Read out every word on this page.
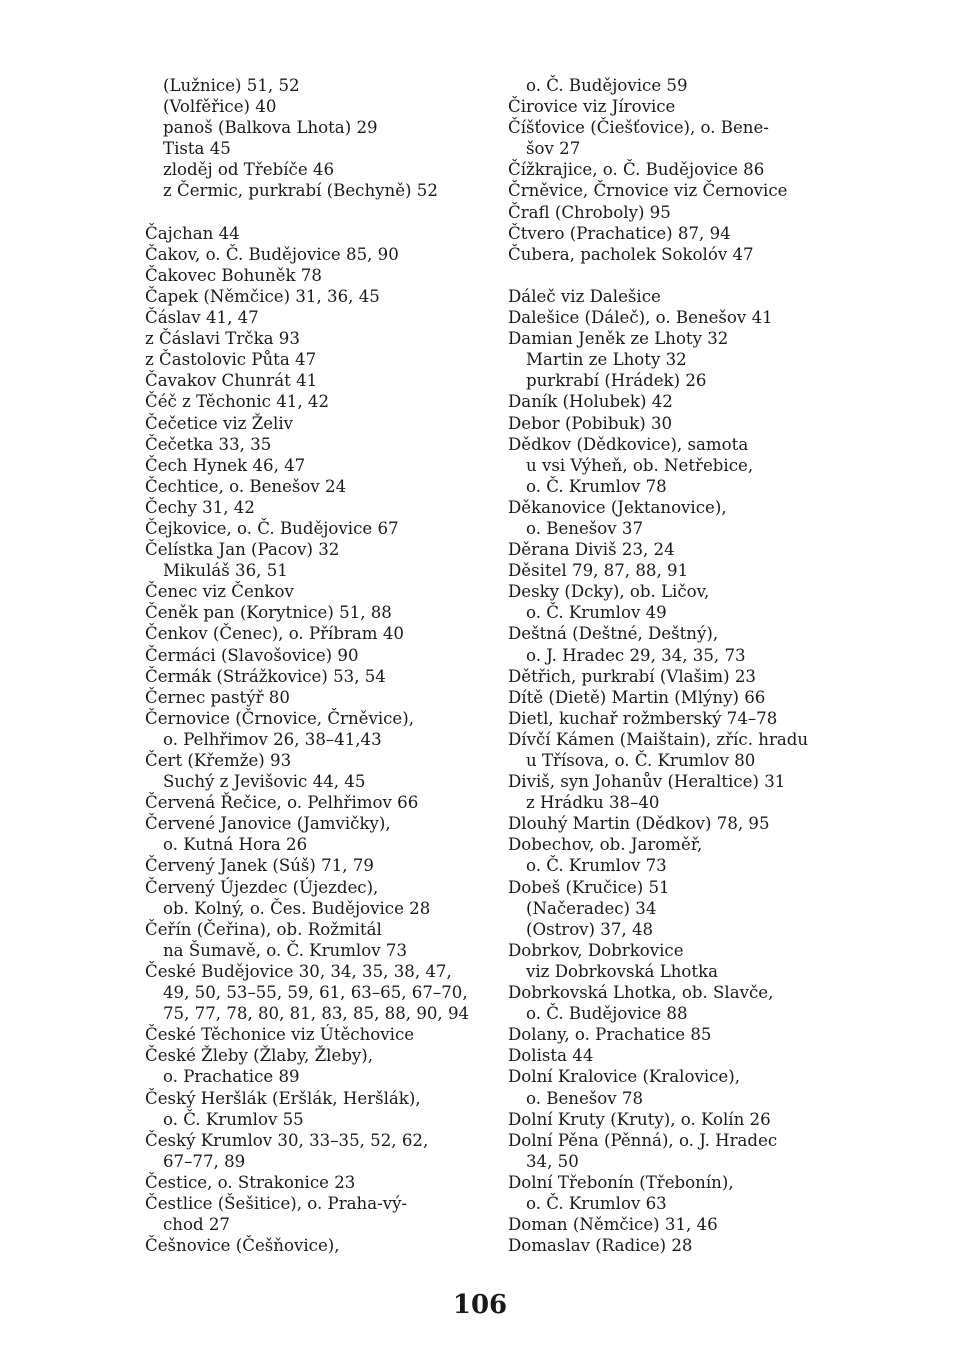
(Lužnice) 51, 52
(Volfěřice) 40
panoš (Balkova Lhota) 29
Tista 45
zloděj od Třebíče 46
z Čermic, purkrabí (Bechyně) 52
Čajchan 44
Čakov, o. Č. Budějovice 85, 90
Čakovec Bohuněk 78
Čapek (Němčice) 31, 36, 45
Čáslav 41, 47
z Čáslavi Trčka 93
z Častolovic Půta 47
Čavakov Chunrát 41
Čéč z Těchonic 41, 42
Čečetice viz Želiv
Čečetka 33, 35
Čech Hynek 46, 47
Čechtice, o. Benešov 24
Čechy 31, 42
Čejkovice, o. Č. Budějovice 67
Čelístka Jan (Pacov) 32
Mikuláš 36, 51
Čenec viz Čenkov
Čeněk pan (Korytnice) 51, 88
Čenkov (Čenec), o. Příbram 40
Čermáci (Slavošovice) 90
Čermák (Strážkovice) 53, 54
Černec pastýř 80
Černovice (Črnovice, Črněvice),
o. Pelhřimov 26, 38–41,43
Čert (Křemže) 93
Suchý z Jevišovic 44, 45
Červená Řečice, o. Pelhřimov 66
Červené Janovice (Jamvičky),
o. Kutná Hora 26
Červený Janek (Súš) 71, 79
Červený Újezdec (Újezdec),
ob. Kolný, o. Čes. Budějovice 28
Čeřín (Čeřina), ob. Rožmitál
na Šumavě, o. Č. Krumlov 73
České Budějovice 30, 34, 35, 38, 47,
49, 50, 53–55, 59, 61, 63–65, 67–70,
75, 77, 78, 80, 81, 83, 85, 88, 90, 94
České Těchonice viz Útěchovice
České Žleby (Žlaby, Žleby),
o. Prachatice 89
Český Heršlák (Eršlák, Heršlák),
o. Č. Krumlov 55
Český Krumlov 30, 33–35, 52, 62,
67–77, 89
Čestice, o. Strakonice 23
Čestlice (Šešitice), o. Praha-vý-
chod 27
Češnovice (Češňovice),
o. Č. Budějovice 59
Čirovice viz Jírovice
Číšťovice (Čiešťovice), o. Bene-
šov 27
Čížkrajice, o. Č. Budějovice 86
Črněvice, Črnovice viz Černovice
Črafl (Chroboly) 95
Čtvero (Prachatice) 87, 94
Čubera, pacholek Sokolóv 47
Dáleč viz Dalešice
Dalešice (Dáleč), o. Benešov 41
Damian Jeněk ze Lhoty 32
Martin ze Lhoty 32
purkrabí (Hrádek) 26
Daník (Holubek) 42
Debor (Pobibuk) 30
Dědkov (Dědkovice), samota
u vsi Výheň, ob. Netřebice,
o. Č. Krumlov 78
Děkanovice (Jektanovice),
o. Benešov 37
Děrana Diviš 23, 24
Děsitel 79, 87, 88, 91
Desky (Dcky), ob. Ličov,
o. Č. Krumlov 49
Deštná (Deštné, Deštný),
o. J. Hradec 29, 34, 35, 73
Dětřich, purkrabí (Vlašim) 23
Dítě (Dietě) Martin (Mlýny) 66
Dietl, kuchař rožmberský 74–78
Dívčí Kámen (Maištain), zříc. hradu
u Třísova, o. Č. Krumlov 80
Diviš, syn Johanův (Heraltice) 31
z Hrádku 38–40
Dlouhý Martin (Dědkov) 78, 95
Dobechov, ob. Jaroměř,
o. Č. Krumlov 73
Dobeš (Kručice) 51
(Načeradec) 34
(Ostrov) 37, 48
Dobrkov, Dobrkovice
viz Dobrkovská Lhotka
Dobrkovská Lhotka, ob. Slavče,
o. Č. Budějovice 88
Dolany, o. Prachatice 85
Dolista 44
Dolní Kralovice (Kralovice),
o. Benešov 78
Dolní Kruty (Kruty), o. Kolín 26
Dolní Pěna (Pěnná), o. J. Hradec
34, 50
Dolní Třebonín (Třebonín),
o. Č. Krumlov 63
Doman (Němčice) 31, 46
Domaslav (Radice) 28
106
